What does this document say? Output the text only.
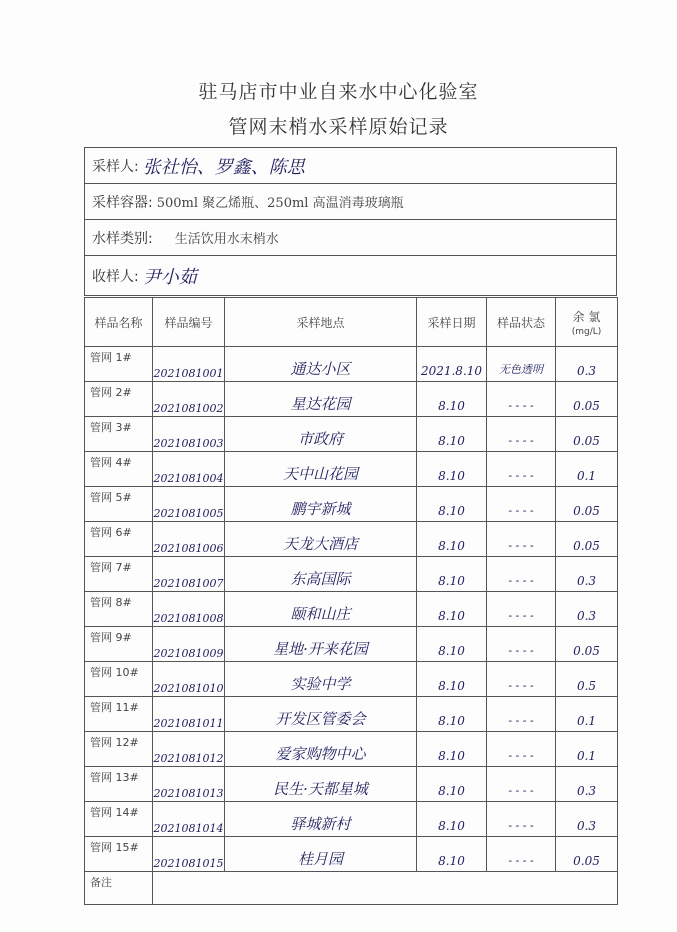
驻马店市中业自来水中心化验室
管网末梢水采样原始记录
采样人: 张社怡、罗鑫、陈思
采样容器: 500ml 聚乙烯瓶、250ml 高温消毒玻璃瓶
水样类别: 生活饮用水末梢水
收样人: 尹小茹
样品名称	样品编号	采样地点	采样日期	样品状态	余 氯
(mg/L)

管网 1#	2021081001	通达小区	2021.8.10	无色透明	0.3
管网 2#	2021081002	星达花园	8.10	- - - -	0.05
管网 3#	2021081003	市政府	8.10	- - - -	0.05
管网 4#	2021081004	天中山花园	8.10	- - - -	0.1
管网 5#	2021081005	鹏宇新城	8.10	- - - -	0.05
管网 6#	2021081006	天龙大酒店	8.10	- - - -	0.05
管网 7#	2021081007	东高国际	8.10	- - - -	0.3
管网 8#	2021081008	颐和山庄	8.10	- - - -	0.3
管网 9#	2021081009	星地·开来花园	8.10	- - - -	0.05
管网 10#	2021081010	实验中学	8.10	- - - -	0.5
管网 11#	2021081011	开发区管委会	8.10	- - - -	0.1
管网 12#	2021081012	爱家购物中心	8.10	- - - -	0.1
管网 13#	2021081013	民生·天都星城	8.10	- - - -	0.3
管网 14#	2021081014	驿城新村	8.10	- - - -	0.3
管网 15#	2021081015	桂月园	8.10	- - - -	0.05
备注					
